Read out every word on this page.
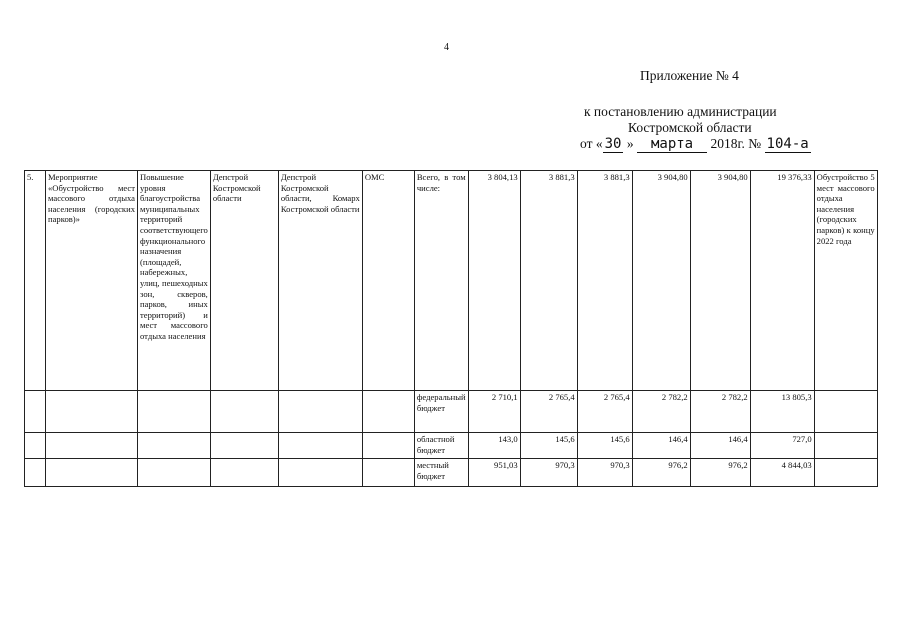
4
Приложение № 4
к постановлению администрации
Костромской области
от « 30 » марта 2018г. № 104-а
5.	Мероприятие «Обустройство мест массового отдыха населения (городских парков)»	Повышение уровня благоустройства муниципальных территорий соответствующего функционального назначения (площадей, набережных, улиц, пешеходных зон, скверов, парков, иных территорий) и мест массового отдыха населения	Депстрой Костромской области	Депстрой Костромской области, Комарх Костромской области	ОМС	Всего, в том числе:	3 804,13	3 881,3	3 881,3	3 904,80	3 904,80	19 376,33	Обустройство 5 мест массового отдыха населения (городских парков) к концу 2022 года
						федеральный бюджет	2 710,1	2 765,4	2 765,4	2 782,2	2 782,2	13 805,3	
						областной бюджет	143,0	145,6	145,6	146,4	146,4	727,0	
						местный бюджет	951,03	970,3	970,3	976,2	976,2	4 844,03	
